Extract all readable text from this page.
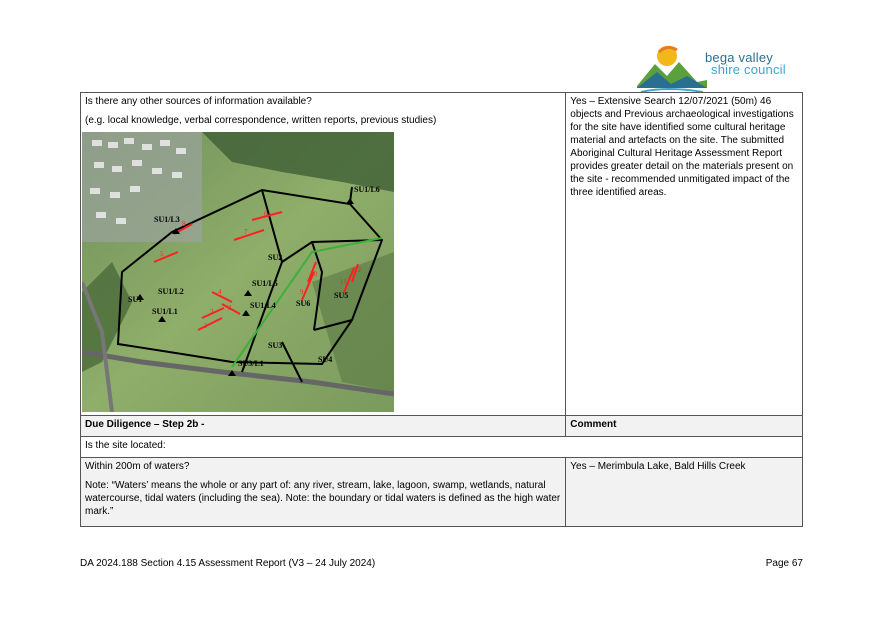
bega valley
shire council

Is there any other sources of information available?

(e.g. local knowledge, verbal correspondence, written reports, previous studies)	Yes – Extensive Search 12/07/2021 (50m) 46 objects and Previous archaeological investigations for the site have identified some cultural heritage material and artefacts on the site. The submitted Aboriginal Cultural Heritage Assessment Report provides greater detail on the materials present on the site - recommended unmitigated impact of the three identified areas.
Due Diligence – Step 2b -	Comment
Is the site located:	

Within 200m of waters?

Note: “Waters’ means the whole or any part of: any river, stream, lake, lagoon, swamp, wetlands, natural watercourse, tidal waters (including the sea). Note: the boundary or tidal waters is defined as the high water mark.”	Yes – Merimbula Lake, Bald Hills Creek
8
7
6
5
4
3
2
1
9
10
11
12
SU1/L6
SU1/L3
SU2
SU1/L2
SU1/L5
SU1
SU1/L1
SU1/L4	SU6
SU5
SU3
SU4
SU3/L1
DA 2024.188 Section 4.15 Assessment Report (V3 – 24 July 2024)	Page 67
